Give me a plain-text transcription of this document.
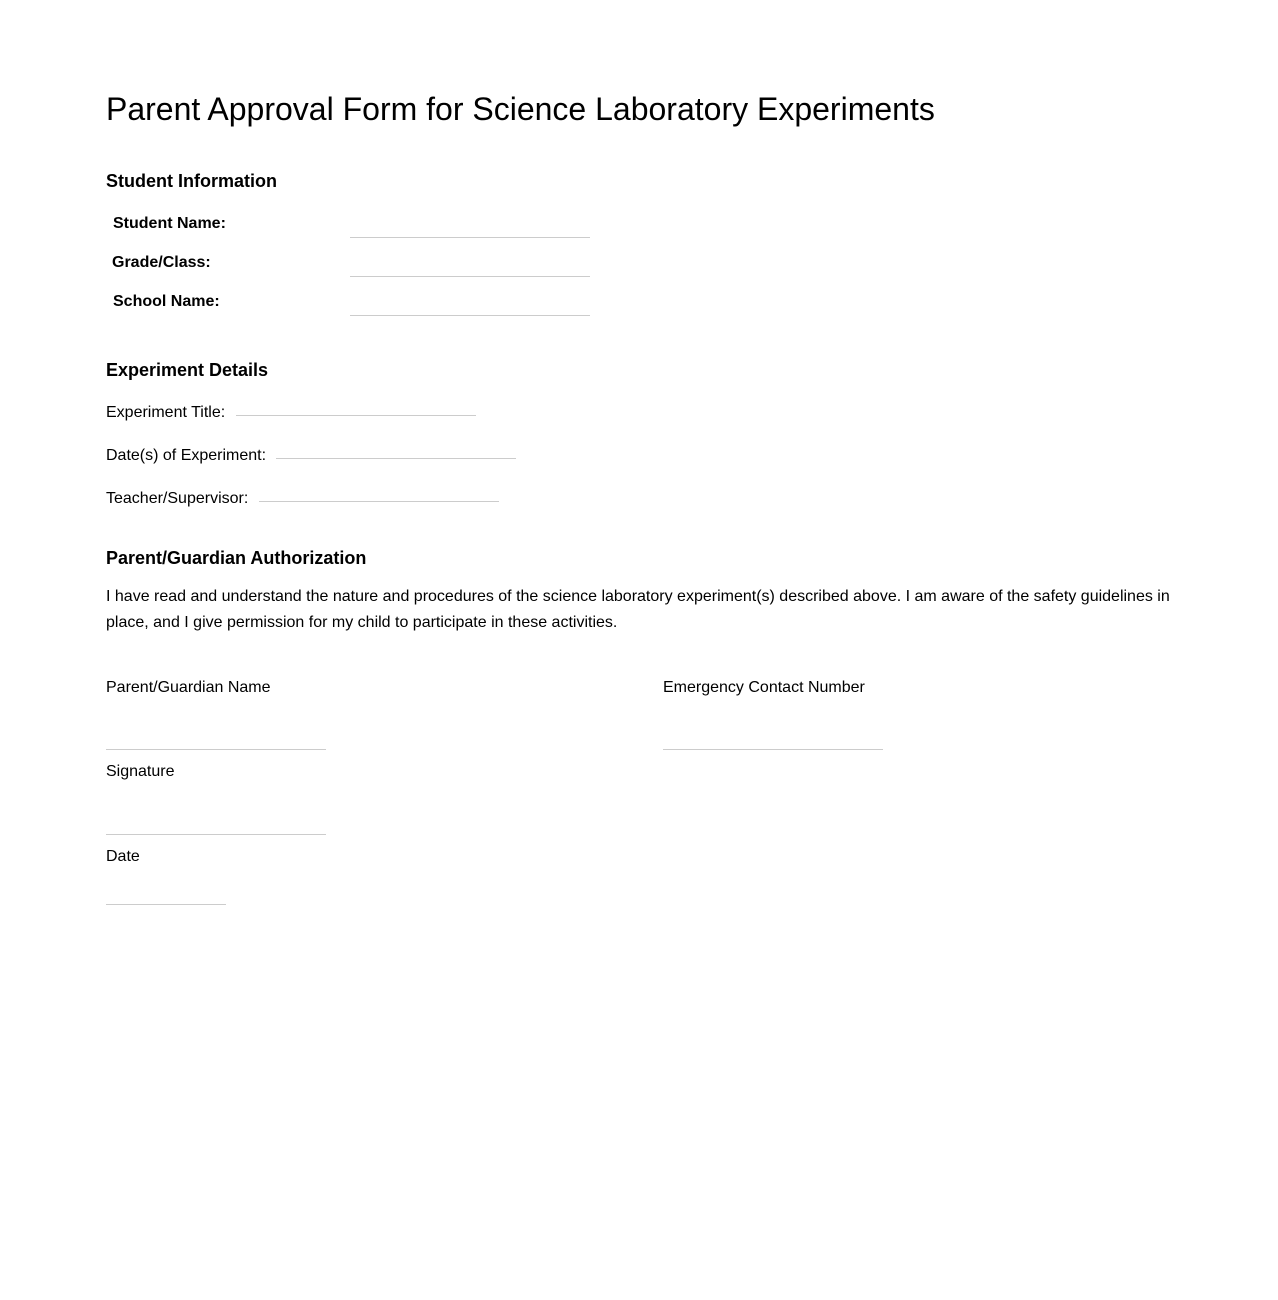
Parent Approval Form for Science Laboratory Experiments
Student Information
Student Name:
Grade/Class:
School Name:
Experiment Details
Experiment Title:
Date(s) of Experiment:
Teacher/Supervisor:
Parent/Guardian Authorization

I have read and understand the nature and procedures of the science laboratory experiment(s) described above. I am aware of the safety guidelines in place, and I give permission for my child to participate in these activities.

Parent/Guardian Name	Emergency Contact Number
Signature
Date
